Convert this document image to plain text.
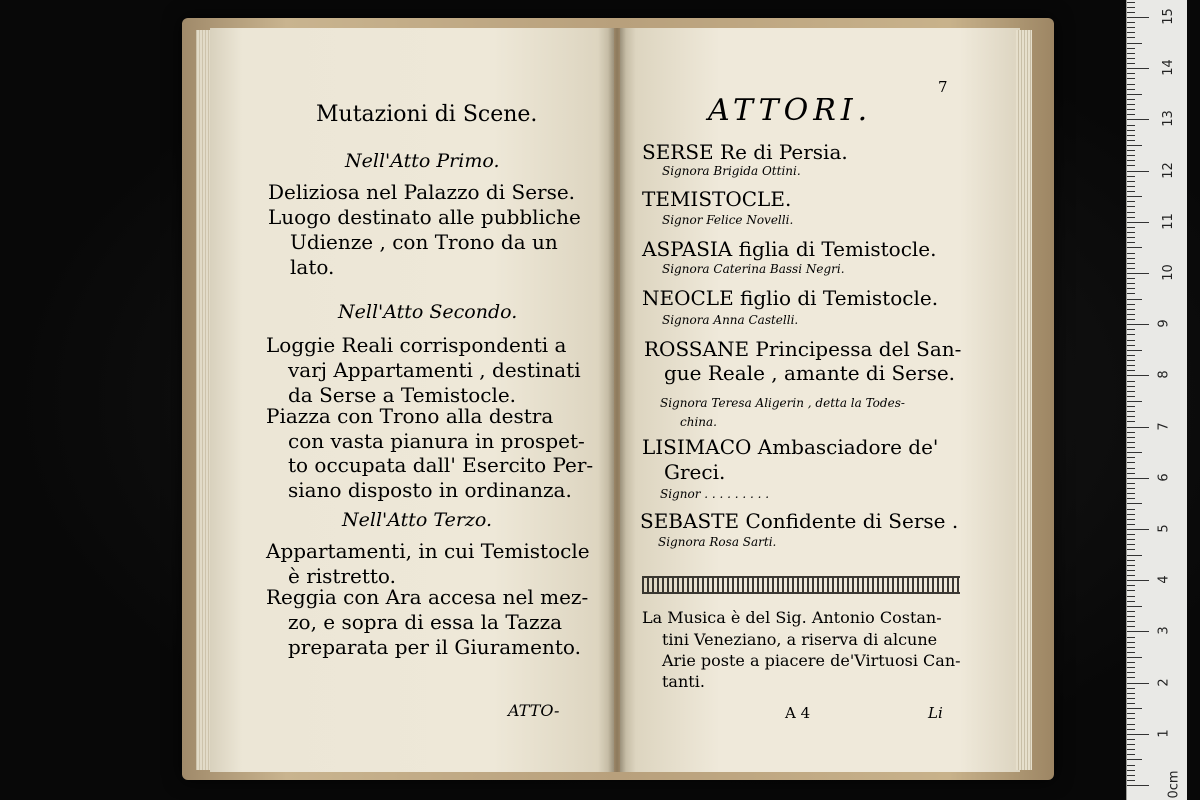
Mutazioni di Scene.
Nell'Atto Primo.
Deliziosa nel Palazzo di Serse.
Luogo destinato alle pubbliche
Udienze , con Trono da un
lato.
Nell'Atto Secondo.
Loggie Reali corrispondenti a
varj Appartamenti , destinati
da Serse a Temistocle.
Piazza con Trono alla destra
con vasta pianura in prospet-
to occupata dall' Esercito Per-
siano disposto in ordinanza.
Nell'Atto Terzo.
Appartamenti, in cui Temistocle
è ristretto.
Reggia con Ara accesa nel mez-
zo, e sopra di essa la Tazza
preparata per il Giuramento.
ATTO-
7
ATTORI.
SERSE Re di Persia.
Signora Brigida Ottini.
TEMISTOCLE.
Signor Felice Novelli.
ASPASIA figlia di Temistocle.
Signora Caterina Bassi Negri.
NEOCLE figlio di Temistocle.
Signora Anna Castelli.
ROSSANE Principessa del San-
gue Reale , amante di Serse.
Signora Teresa Aligerin , detta la Todes-
china.
LISIMACO Ambasciadore de'
Greci.
Signor . . . . . . . . .
SEBASTE Confidente di Serse .
Signora Rosa Sarti.
La Musica è del Sig. Antonio Costan-
tini Veneziano, a riserva di alcune
Arie poste a piacere de'Virtuosi Can-
tanti.
A 4	Li
0cm
1
2
3
4
5
6
7
8
9
10
11
12
13
14
15
